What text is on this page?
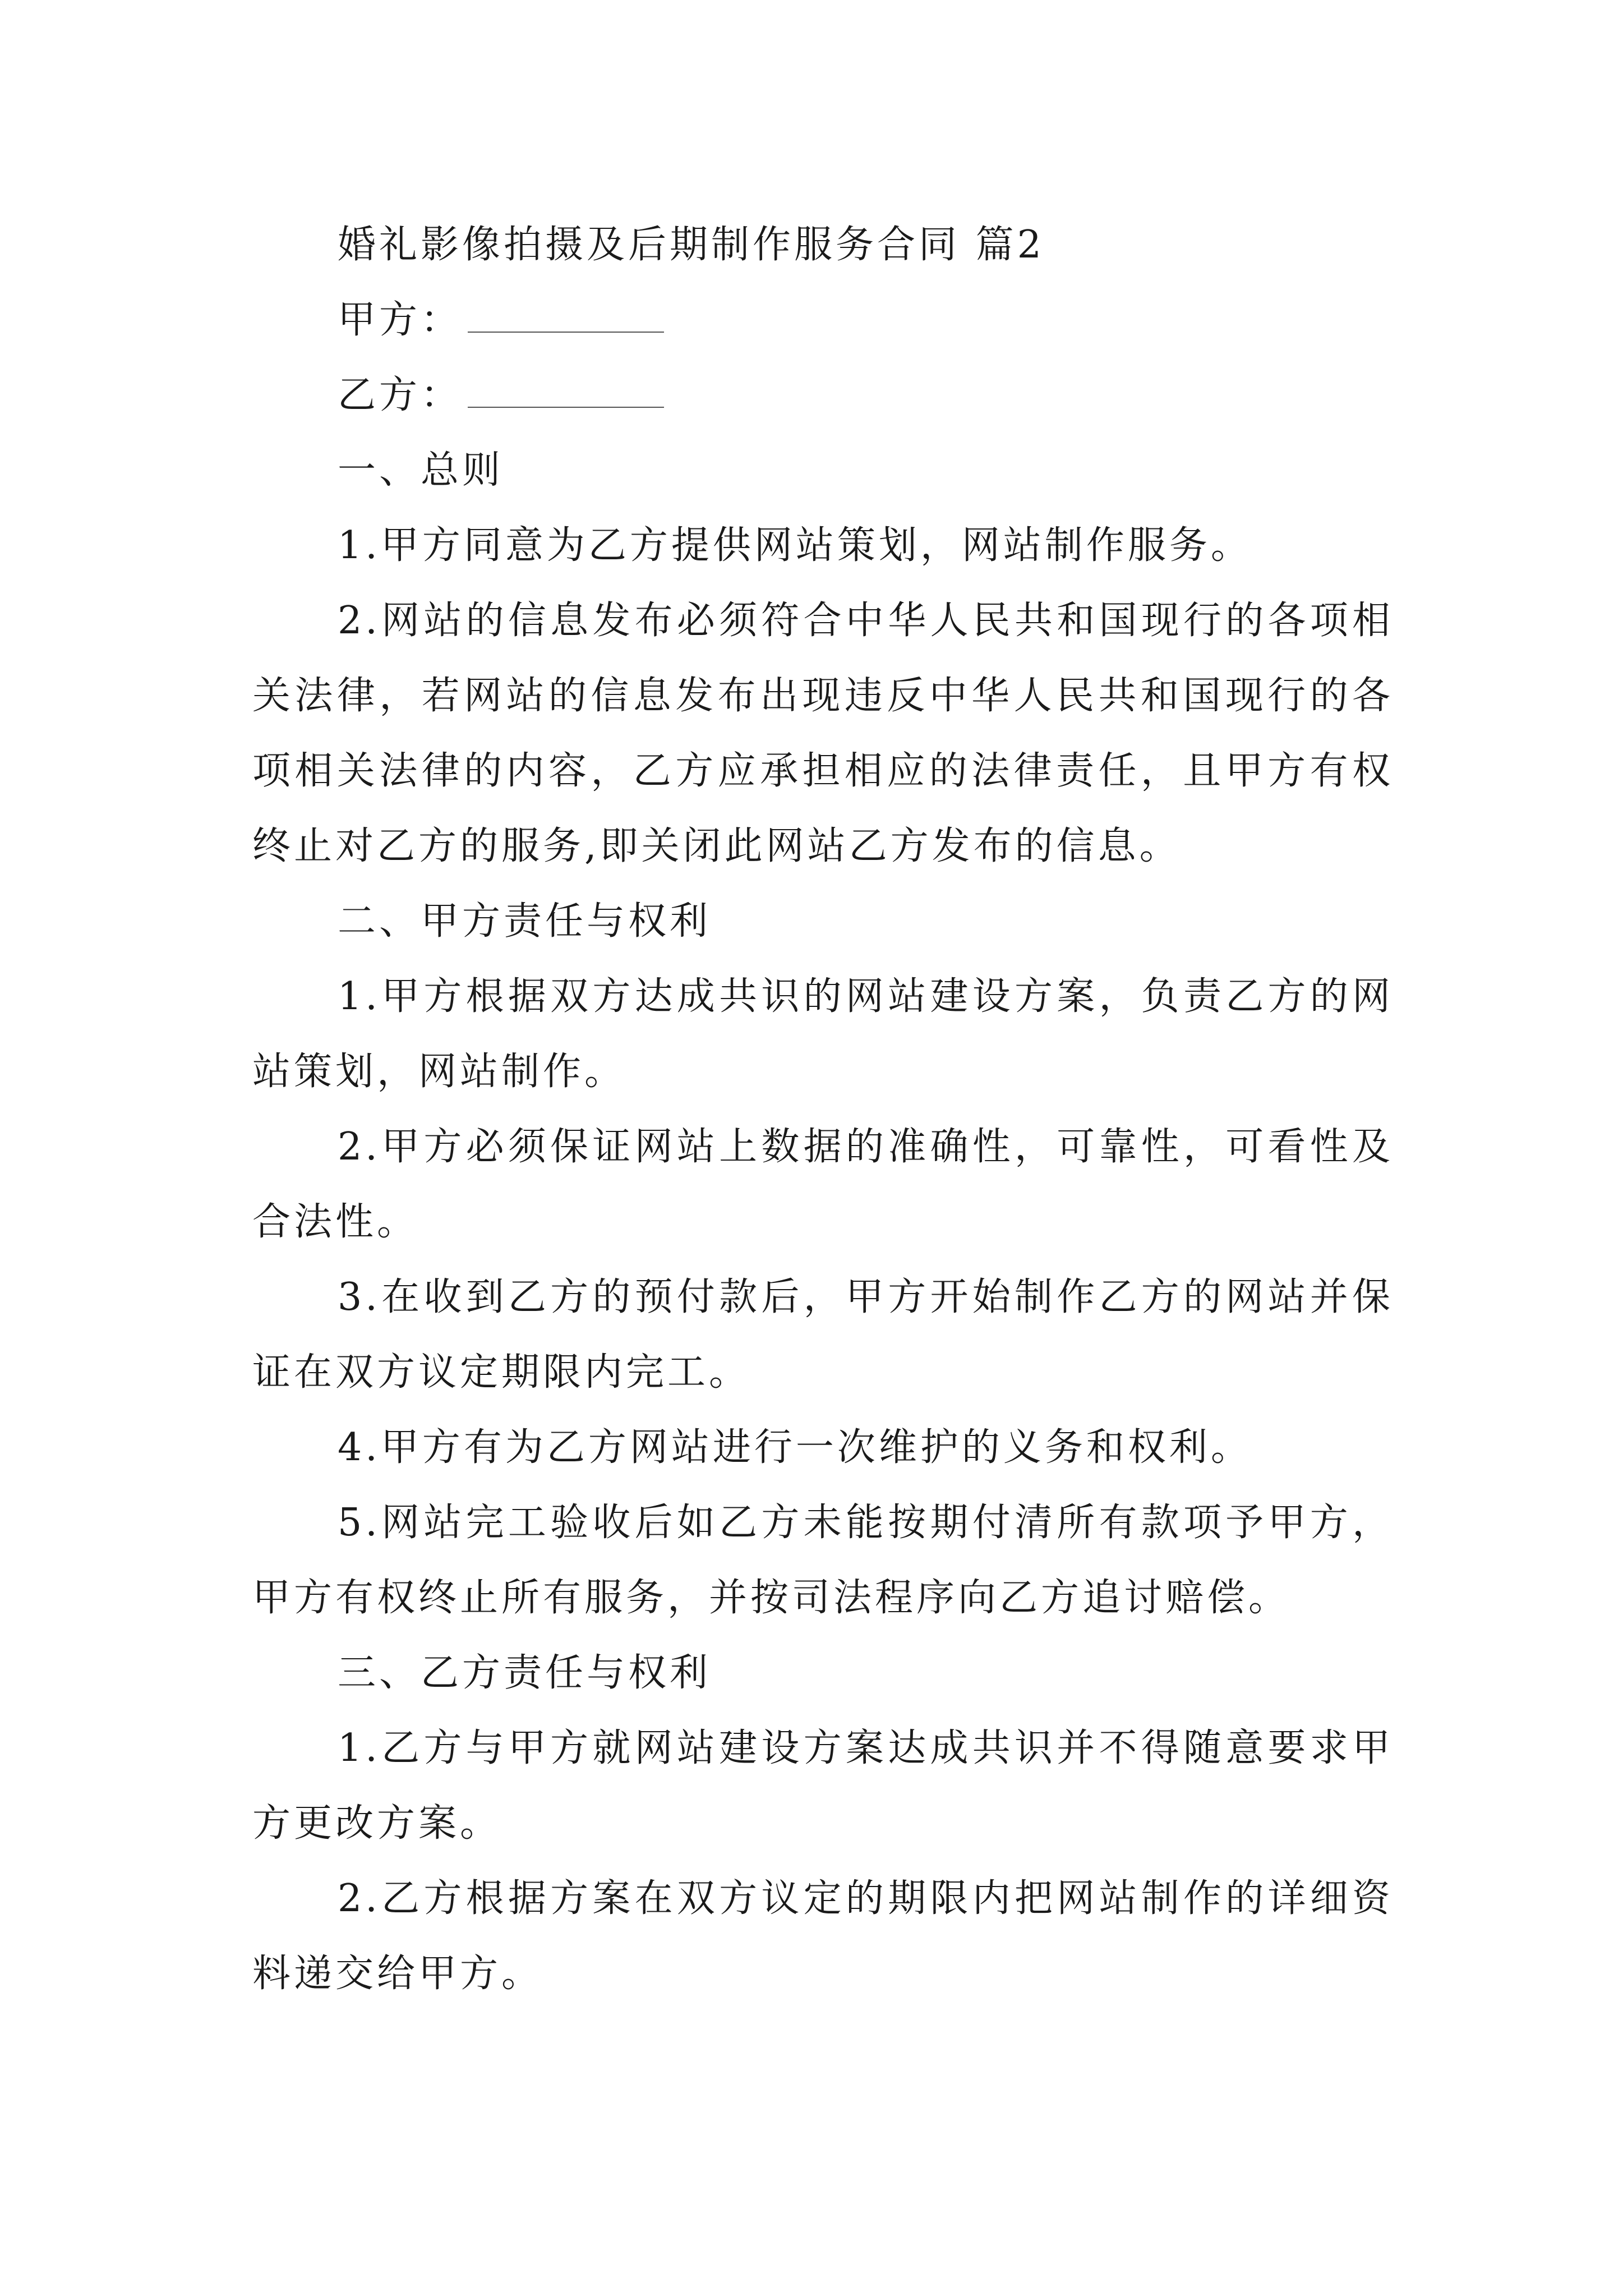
婚礼影像拍摄及后期制作服务合同 篇2

甲方：

乙方：

一、总则

1.甲方同意为乙方提供网站策划，网站制作服务。

2.网站的信息发布必须符合中华人民共和国现行的各项相关法律，若网站的信息发布出现违反中华人民共和国现行的各项相关法律的内容，乙方应承担相应的法律责任，且甲方有权终止对乙方的服务,即关闭此网站乙方发布的信息。

二、甲方责任与权利

1.甲方根据双方达成共识的网站建设方案，负责乙方的网站策划，网站制作。

2.甲方必须保证网站上数据的准确性，可靠性，可看性及合法性。

3.在收到乙方的预付款后，甲方开始制作乙方的网站并保证在双方议定期限内完工。

4.甲方有为乙方网站进行一次维护的义务和权利。

5.网站完工验收后如乙方未能按期付清所有款项予甲方，甲方有权终止所有服务，并按司法程序向乙方追讨赔偿。

三、乙方责任与权利

1.乙方与甲方就网站建设方案达成共识并不得随意要求甲方更改方案。

2.乙方根据方案在双方议定的期限内把网站制作的详细资料递交给甲方。
